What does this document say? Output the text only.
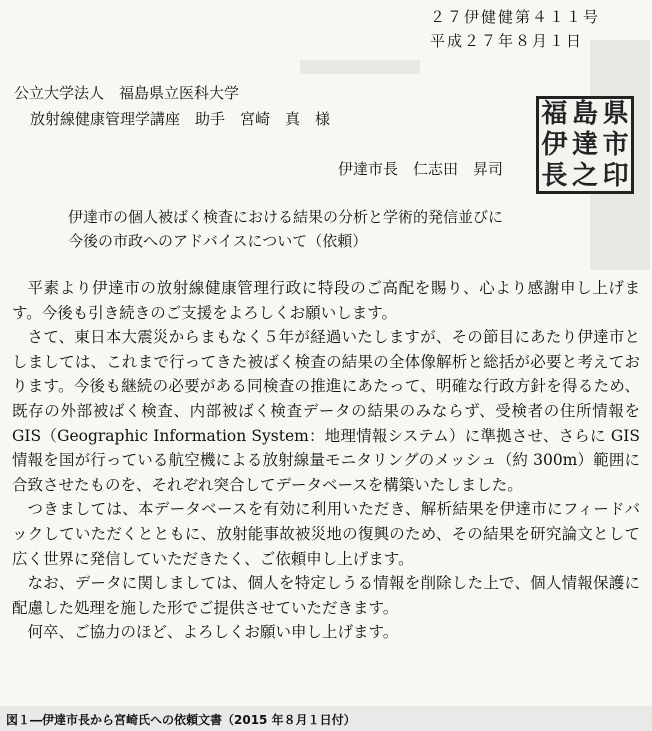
２７伊健健第４１１号
平成２７年８月１日
公立大学法人　福島県立医科大学
放射線健康管理学講座　助手　宮崎　真　様
伊達市長　仁志田　昇司
福 島 県
伊 達 市
長 之 印
伊達市の個人被ばく検査における結果の分析と学術的発信並びに
今後の市政へのアドバイスについて（依頼）

平素より伊達市の放射線健康管理行政に特段のご高配を賜り、心より感謝申し上げます。今後も引き続きのご支援をよろしくお願いします。

さて、東日本大震災からまもなく５年が経過いたしますが、その節目にあたり伊達市としましては、これまで行ってきた被ばく検査の結果の全体像解析と総括が必要と考えております。今後も継続の必要がある同検査の推進にあたって、明確な行政方針を得るため、既存の外部被ばく検査、内部被ばく検査データの結果のみならず、受検者の住所情報を GIS（Geographic Information System：地理情報システム）に準拠させ、さらに GIS 情報を国が行っている航空機による放射線量モニタリングのメッシュ（約 300m）範囲に合致させたものを、それぞれ突合してデータベースを構築いたしました。

つきましては、本データベースを有効に利用いただき、解析結果を伊達市にフィードバックしていただくとともに、放射能事故被災地の復興のため、その結果を研究論文として広く世界に発信していただきたく、ご依頼申し上げます。

なお、データに関しましては、個人を特定しうる情報を削除した上で、個人情報保護に配慮した処理を施した形でご提供させていただきます。

何卒、ご協力のほど、よろしくお願い申し上げます。

図１―伊達市長から宮崎氏への依頼文書（2015 年８月１日付）
